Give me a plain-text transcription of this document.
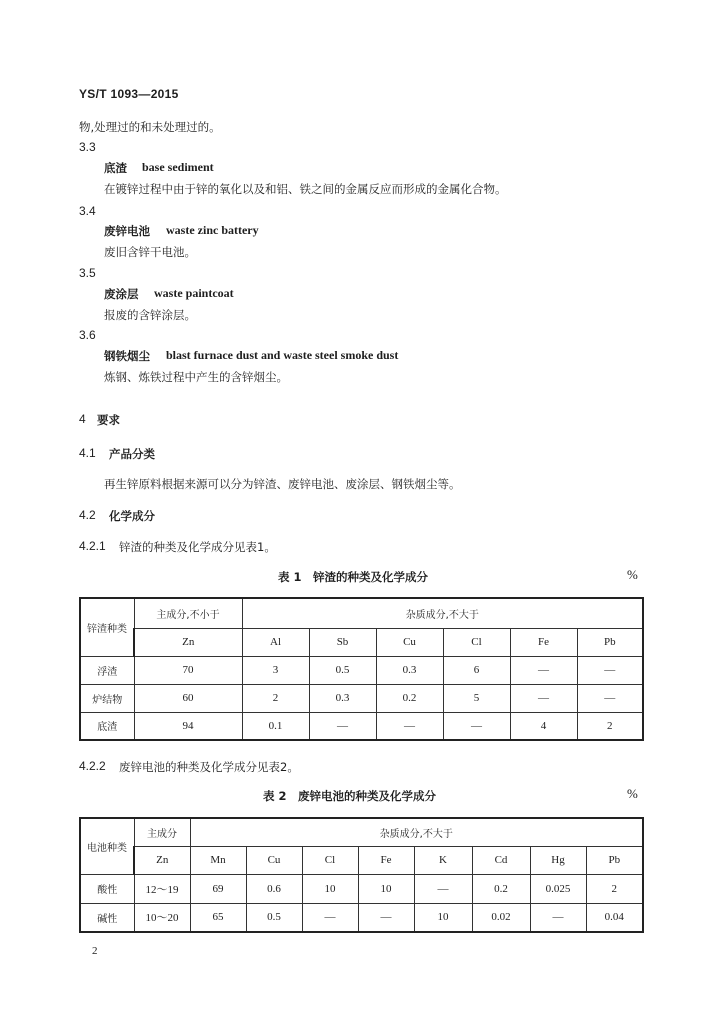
YS/T 1093—2015
物,处理过的和未处理过的。
3.3
底渣 base sediment
在镀锌过程中由于锌的氧化以及和铝、铁之间的金属反应而形成的金属化合物。
3.4
废锌电池 waste zinc battery
废旧含锌干电池。
3.5
废涂层 waste paintcoat
报废的含锌涂层。
3.6
钢铁烟尘 blast furnace dust and waste steel smoke dust
炼钢、炼铁过程中产生的含锌烟尘。
4 要求
4.1 产品分类
再生锌原料根据来源可以分为锌渣、废锌电池、废涂层、钢铁烟尘等。
4.2 化学成分
4.2.1 锌渣的种类及化学成分见表1。
表 1　锌渣的种类及化学成分	%
锌渣种类	主成分,不小于	杂质成分,不大于					
	Zn	Al	Sb	Cu	Cl	Fe	Pb
浮渣	70	3	0.5	0.3	6	—	—
炉结物	60	2	0.3	0.2	5	—	—
底渣	94	0.1	—	—	—	4	2
4.2.2 废锌电池的种类及化学成分见表2。
表 2　废锌电池的种类及化学成分	%
电池种类	主成分	杂质成分,不大于							
	Zn	Mn	Cu	Cl	Fe	K	Cd	Hg	Pb
酸性	12～19	69	0.6	10	10	—	0.2	0.025	2
碱性	10～20	65	0.5	—	—	10	0.02	—	0.04
2
